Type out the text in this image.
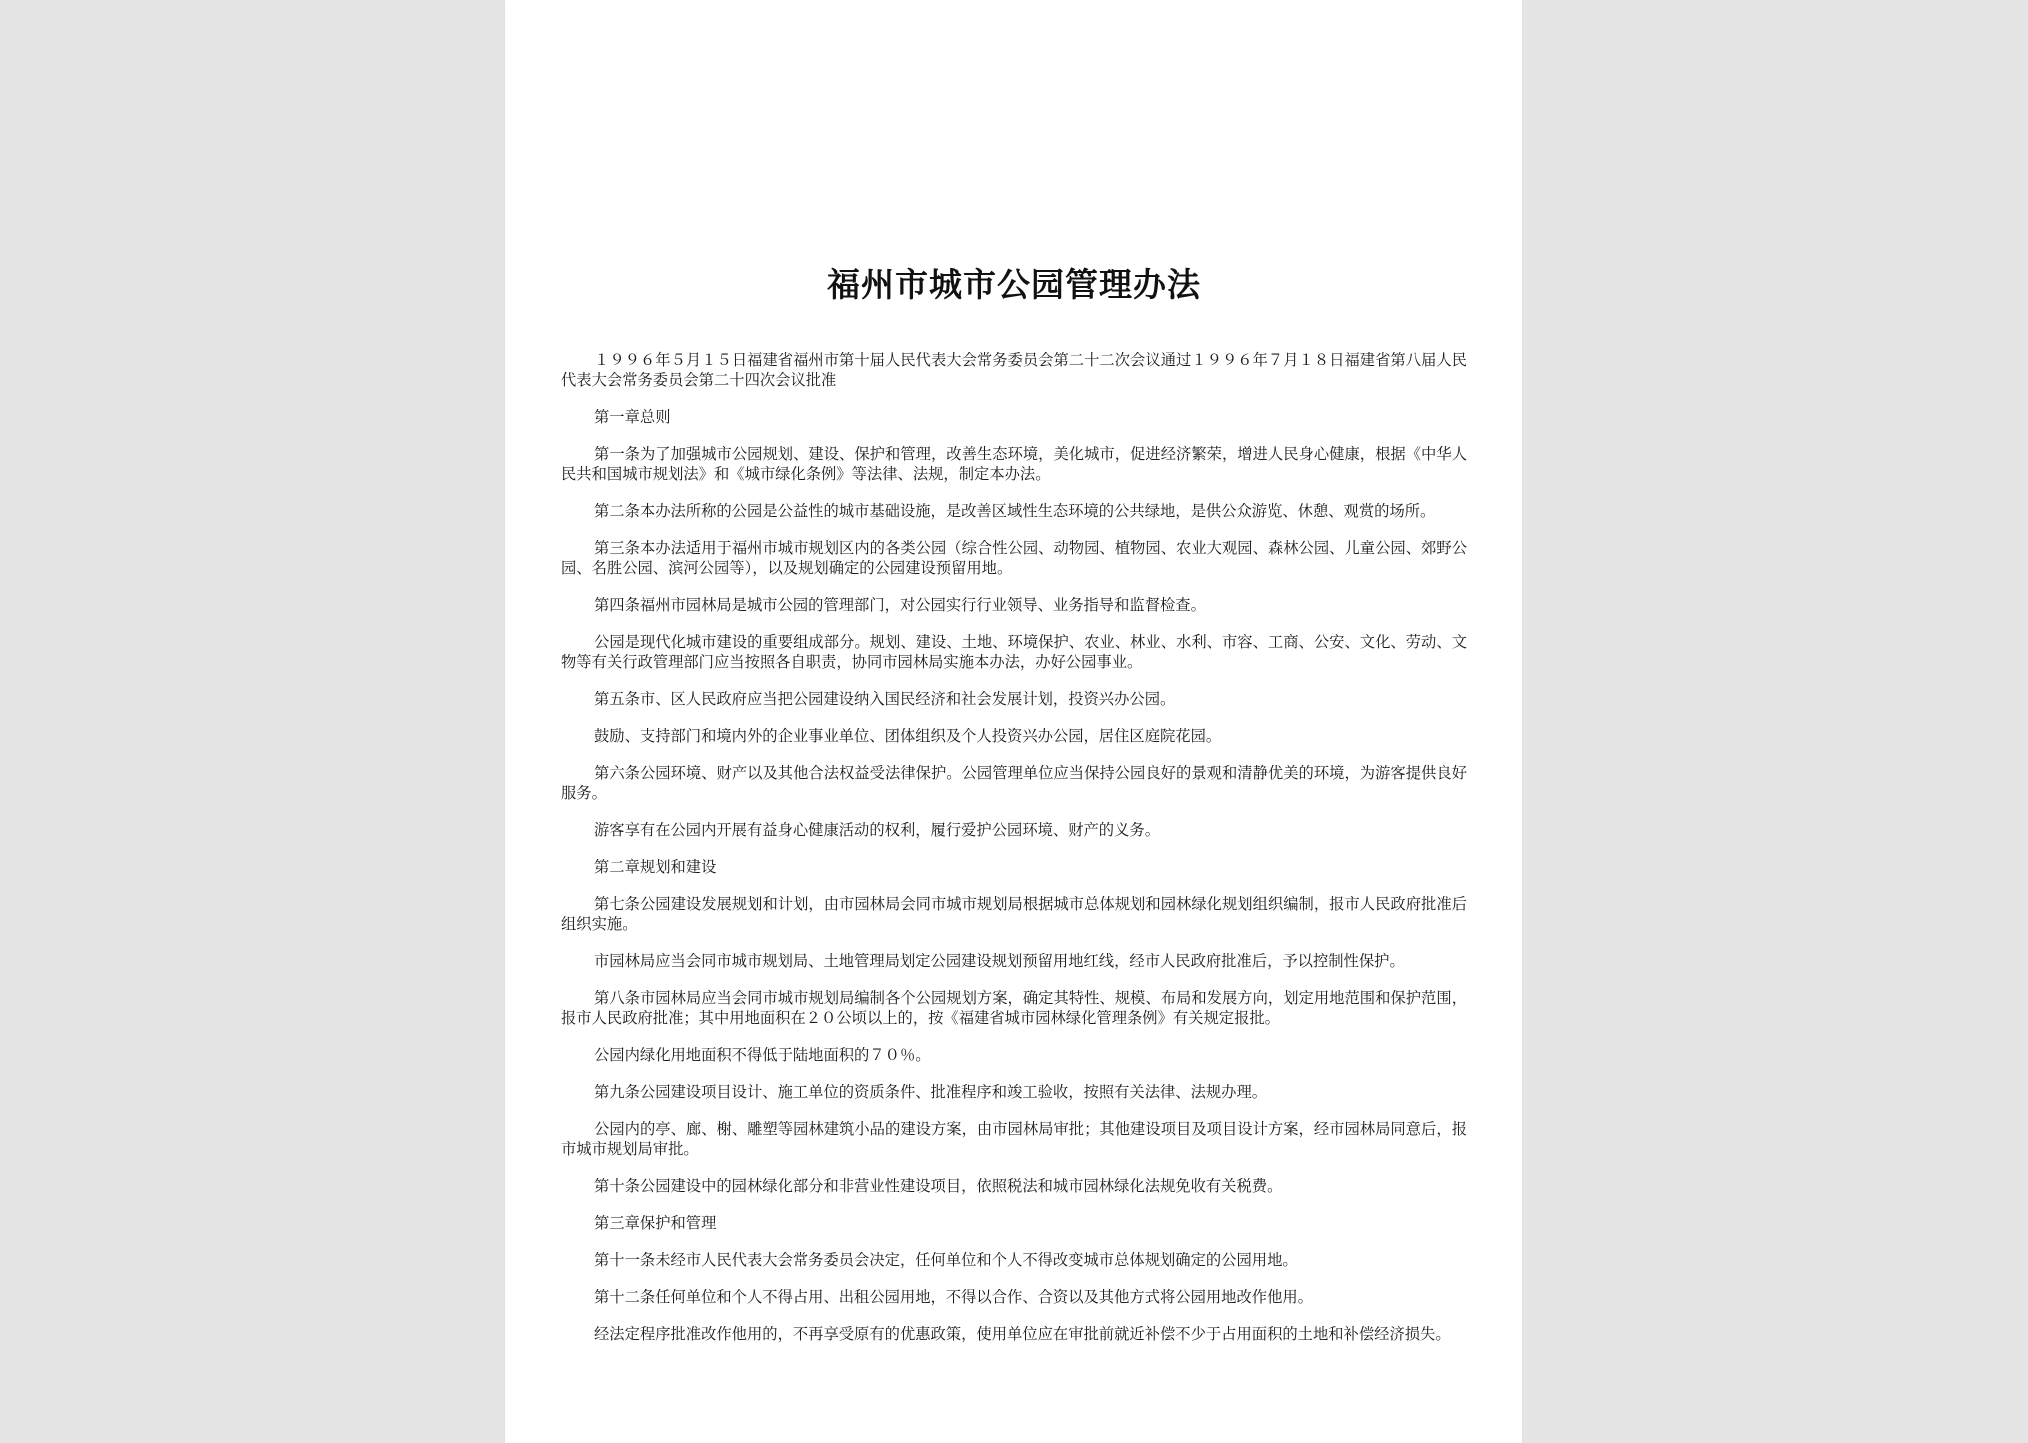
福州市城市公园管理办法

１９９６年５月１５日福建省福州市第十届人民代表大会常务委员会第二十二次会议通过１９９６年７月１８日福建省第八届人民代表大会常务委员会第二十四次会议批准

第一章总则

第一条为了加强城市公园规划、建设、保护和管理，改善生态环境，美化城市，促进经济繁荣，增进人民身心健康，根据《中华人民共和国城市规划法》和《城市绿化条例》等法律、法规，制定本办法。

第二条本办法所称的公园是公益性的城市基础设施，是改善区域性生态环境的公共绿地，是供公众游览、休憩、观赏的场所。

第三条本办法适用于福州市城市规划区内的各类公园（综合性公园、动物园、植物园、农业大观园、森林公园、儿童公园、郊野公园、名胜公园、滨河公园等），以及规划确定的公园建设预留用地。

第四条福州市园林局是城市公园的管理部门，对公园实行行业领导、业务指导和监督检查。

公园是现代化城市建设的重要组成部分。规划、建设、土地、环境保护、农业、林业、水利、市容、工商、公安、文化、劳动、文物等有关行政管理部门应当按照各自职责，协同市园林局实施本办法，办好公园事业。

第五条市、区人民政府应当把公园建设纳入国民经济和社会发展计划，投资兴办公园。

鼓励、支持部门和境内外的企业事业单位、团体组织及个人投资兴办公园，居住区庭院花园。

第六条公园环境、财产以及其他合法权益受法律保护。公园管理单位应当保持公园良好的景观和清静优美的环境，为游客提供良好服务。

游客享有在公园内开展有益身心健康活动的权利，履行爱护公园环境、财产的义务。

第二章规划和建设

第七条公园建设发展规划和计划，由市园林局会同市城市规划局根据城市总体规划和园林绿化规划组织编制，报市人民政府批准后组织实施。

市园林局应当会同市城市规划局、土地管理局划定公园建设规划预留用地红线，经市人民政府批准后，予以控制性保护。

第八条市园林局应当会同市城市规划局编制各个公园规划方案，确定其特性、规模、布局和发展方向，划定用地范围和保护范围，报市人民政府批准；其中用地面积在２０公顷以上的，按《福建省城市园林绿化管理条例》有关规定报批。

公园内绿化用地面积不得低于陆地面积的７０％。

第九条公园建设项目设计、施工单位的资质条件、批准程序和竣工验收，按照有关法律、法规办理。

公园内的亭、廊、榭、雕塑等园林建筑小品的建设方案，由市园林局审批；其他建设项目及项目设计方案，经市园林局同意后，报市城市规划局审批。

第十条公园建设中的园林绿化部分和非营业性建设项目，依照税法和城市园林绿化法规免收有关税费。

第三章保护和管理

第十一条未经市人民代表大会常务委员会决定，任何单位和个人不得改变城市总体规划确定的公园用地。

第十二条任何单位和个人不得占用、出租公园用地，不得以合作、合资以及其他方式将公园用地改作他用。

经法定程序批准改作他用的，不再享受原有的优惠政策，使用单位应在审批前就近补偿不少于占用面积的土地和补偿经济损失。
